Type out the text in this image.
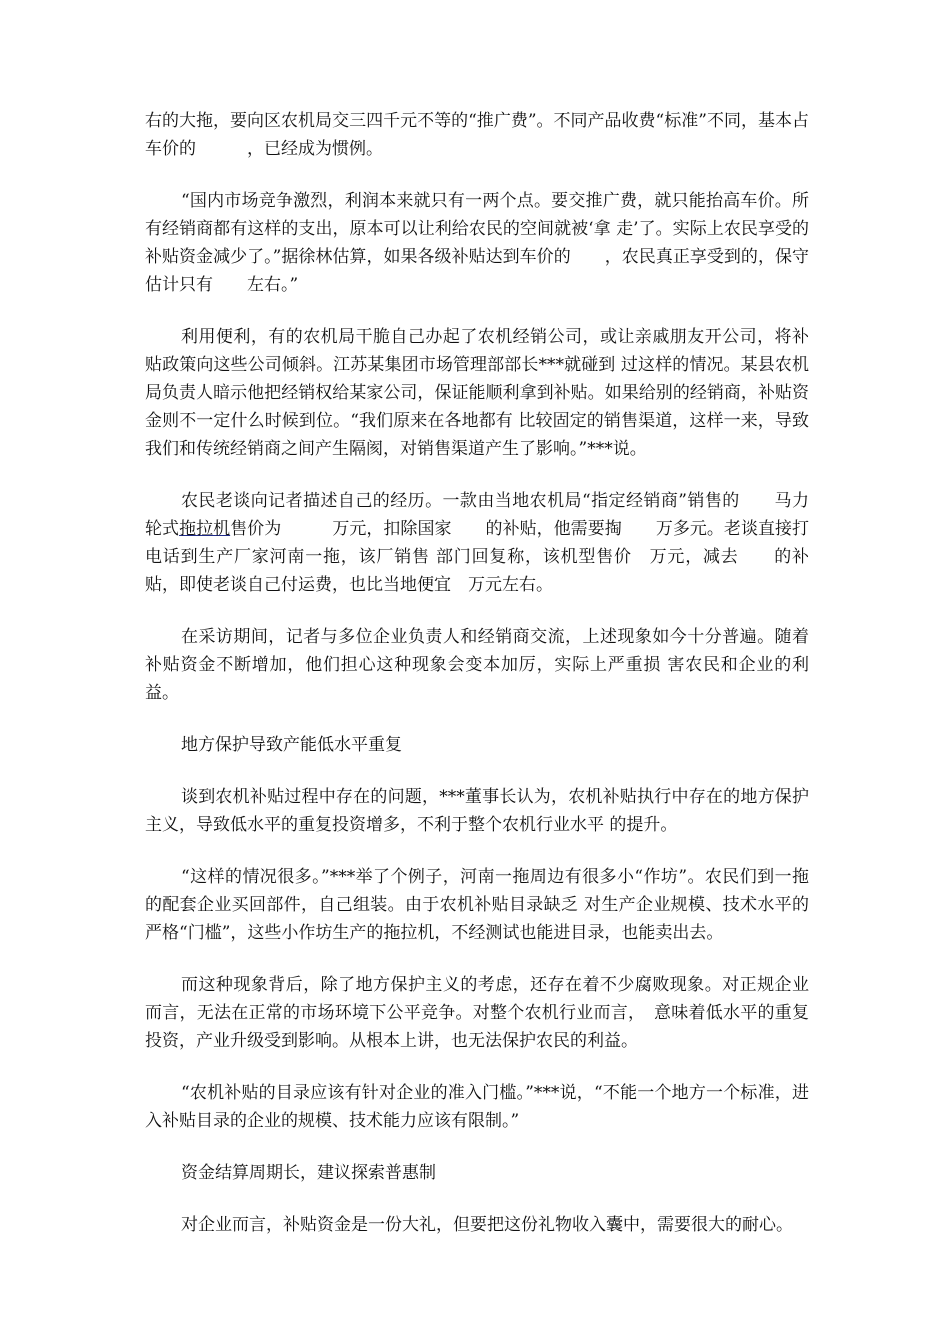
右的大拖，要向区农机局交三四千元不等的“推广费”。不同产品收费“标准”不同，基本占车价的　　　，已经成为惯例。

“国内市场竞争激烈，利润本来就只有一两个点。要交推广费，就只能抬高车价。所有经销商都有这样的支出，原本可以让利给农民的空间就被‘拿 走’了。实际上农民享受的补贴资金减少了。”据徐林估算，如果各级补贴达到车价的　　，农民真正享受到的，保守估计只有　　左右。”

利用便利，有的农机局干脆自己办起了农机经销公司，或让亲戚朋友开公司，将补贴政策向这些公司倾斜。江苏某集团市场管理部部长***就碰到 过这样的情况。某县农机局负责人暗示他把经销权给某家公司，保证能顺利拿到补贴。如果给别的经销商，补贴资金则不一定什么时候到位。“我们原来在各地都有 比较固定的销售渠道，这样一来，导致我们和传统经销商之间产生隔阂，对销售渠道产生了影响。”***说。

农民老谈向记者描述自己的经历。一款由当地农机局“指定经销商”销售的　　马力轮式拖拉机售价为　　　万元，扣除国家　　的补贴，他需要掏　　万多元。老谈直接打电话到生产厂家河南一拖，该厂销售 部门回复称，该机型售价　万元，减去　　的补贴，即使老谈自己付运费，也比当地便宜　万元左右。

在采访期间，记者与多位企业负责人和经销商交流，上述现象如今十分普遍。随着补贴资金不断增加，他们担心这种现象会变本加厉，实际上严重损 害农民和企业的利益。

地方保护导致产能低水平重复

谈到农机补贴过程中存在的问题，***董事长认为，农机补贴执行中存在的地方保护主义，导致低水平的重复投资增多，不利于整个农机行业水平 的提升。

“这样的情况很多。”***举了个例子，河南一拖周边有很多小“作坊”。农民们到一拖的配套企业买回部件，自己组装。由于农机补贴目录缺乏 对生产企业规模、技术水平的严格“门槛”，这些小作坊生产的拖拉机，不经测试也能进目录，也能卖出去。

而这种现象背后，除了地方保护主义的考虑，还存在着不少腐败现象。对正规企业而言，无法在正常的市场环境下公平竞争。对整个农机行业而言，　意味着低水平的重复投资，产业升级受到影响。从根本上讲，也无法保护农民的利益。

“农机补贴的目录应该有针对企业的准入门槛。”***说，“不能一个地方一个标准，进入补贴目录的企业的规模、技术能力应该有限制。”

资金结算周期长，建议探索普惠制

对企业而言，补贴资金是一份大礼，但要把这份礼物收入囊中，需要很大的耐心。
